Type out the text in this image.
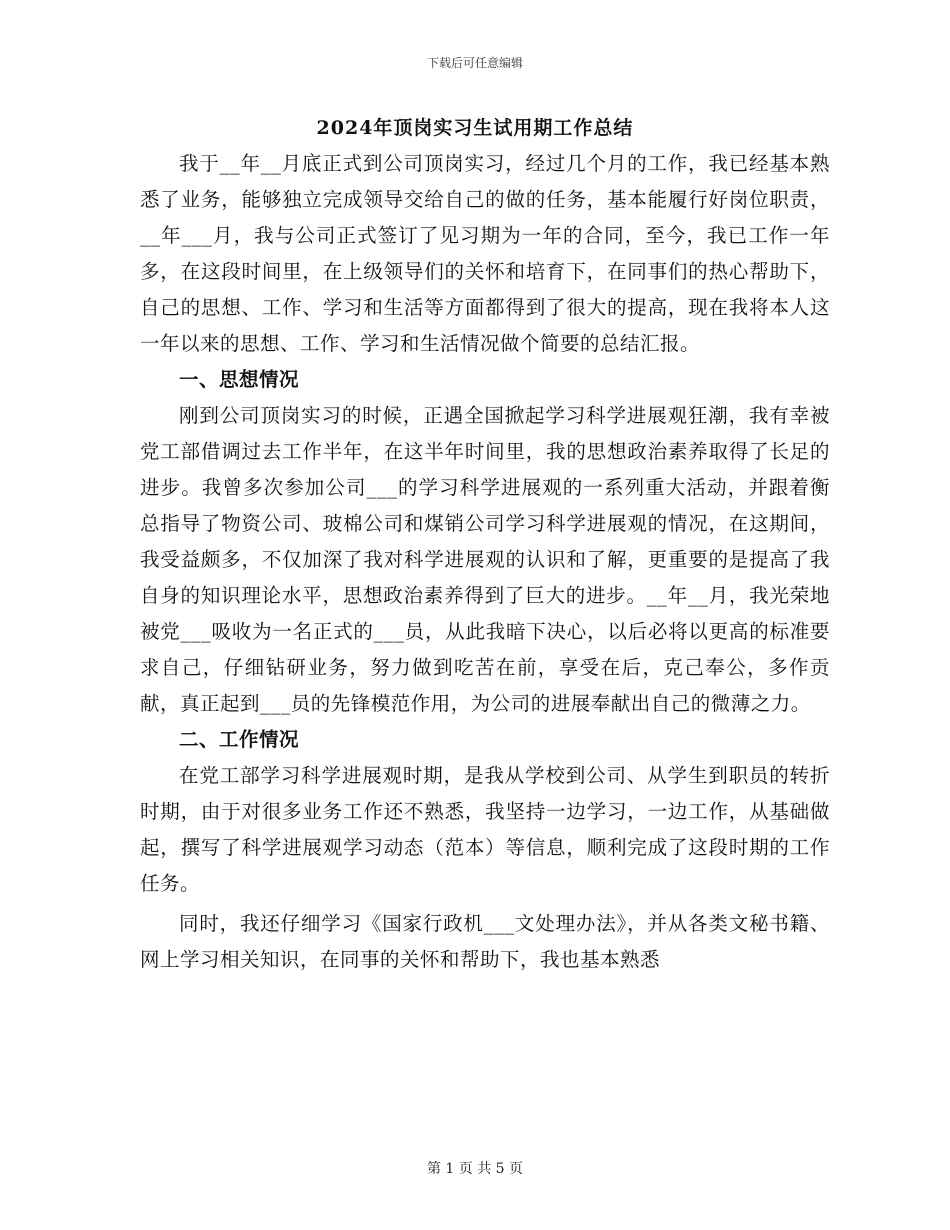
下载后可任意编辑
2024年顶岗实习生试用期工作总结

我于__年__月底正式到公司顶岗实习，经过几个月的工作，我已经基本熟悉了业务，能够独立完成领导交给自己的做的任务，基本能履行好岗位职责，__年___月，我与公司正式签订了见习期为一年的合同，至今，我已工作一年多，在这段时间里，在上级领导们的关怀和培育下，在同事们的热心帮助下，自己的思想、工作、学习和生活等方面都得到了很大的提高，现在我将本人这一年以来的思想、工作、学习和生活情况做个简要的总结汇报。

一、思想情况

刚到公司顶岗实习的时候，正遇全国掀起学习科学进展观狂潮，我有幸被党工部借调过去工作半年，在这半年时间里，我的思想政治素养取得了长足的进步。我曾多次参加公司___的学习科学进展观的一系列重大活动，并跟着衡总指导了物资公司、玻棉公司和煤销公司学习科学进展观的情况，在这期间，我受益颇多，不仅加深了我对科学进展观的认识和了解，更重要的是提高了我自身的知识理论水平，思想政治素养得到了巨大的进步。__年__月，我光荣地被党___吸收为一名正式的___员，从此我暗下决心，以后必将以更高的标准要求自己，仔细钻研业务，努力做到吃苦在前，享受在后，克己奉公，多作贡献，真正起到___员的先锋模范作用，为公司的进展奉献出自己的微薄之力。

二、工作情况

在党工部学习科学进展观时期，是我从学校到公司、从学生到职员的转折时期，由于对很多业务工作还不熟悉，我坚持一边学习，一边工作，从基础做起，撰写了科学进展观学习动态（范本）等信息，顺利完成了这段时期的工作任务。

同时，我还仔细学习《国家行政机___文处理办法》，并从各类文秘书籍、网上学习相关知识，在同事的关怀和帮助下，我也基本熟悉

第 1 页 共 5 页
